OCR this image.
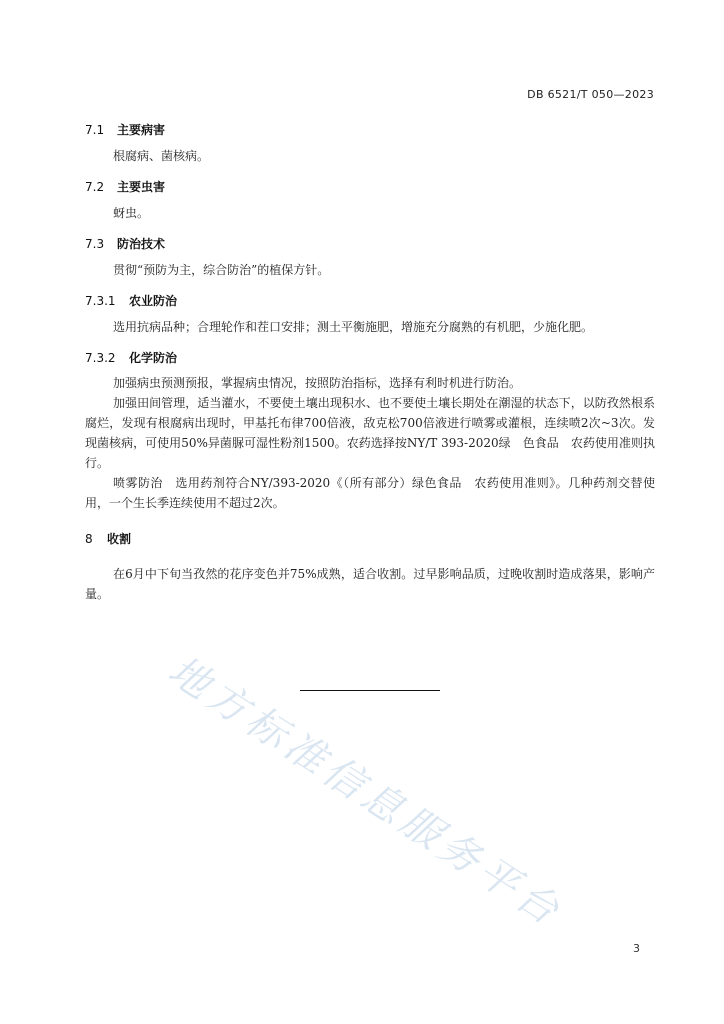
DB 6521/T 050—2023
7.1 主要病害
根腐病、菌核病。
7.2 主要虫害
蚜虫。
7.3 防治技术
贯彻“预防为主，综合防治”的植保方针。
7.3.1 农业防治
选用抗病品种；合理轮作和茬口安排；测土平衡施肥，增施充分腐熟的有机肥，少施化肥。
7.3.2 化学防治
加强病虫预测预报，掌握病虫情况，按照防治指标，选择有利时机进行防治。
加强田间管理，适当灌水，不要使土壤出现积水、也不要使土壤长期处在潮湿的状态下，以防孜然根系腐烂，发现有根腐病出现时，甲基托布律700倍液，敌克松700倍液进行喷雾或灌根，连续喷2次~3次。发现菌核病，可使用50%异菌脲可湿性粉剂1500。农药选择按NY/T 393-2020绿　色食品　农药使用准则执行。
喷雾防治　选用药剂符合NY/393-2020《（所有部分）绿色食品　农药使用准则》。几种药剂交替使用，一个生长季连续使用不超过2次。
8 收割
在6月中下旬当孜然的花序变色并75%成熟，适合收割。过早影响品质，过晚收割时造成落果，影响产量。
地方标准信息服务平台
3
